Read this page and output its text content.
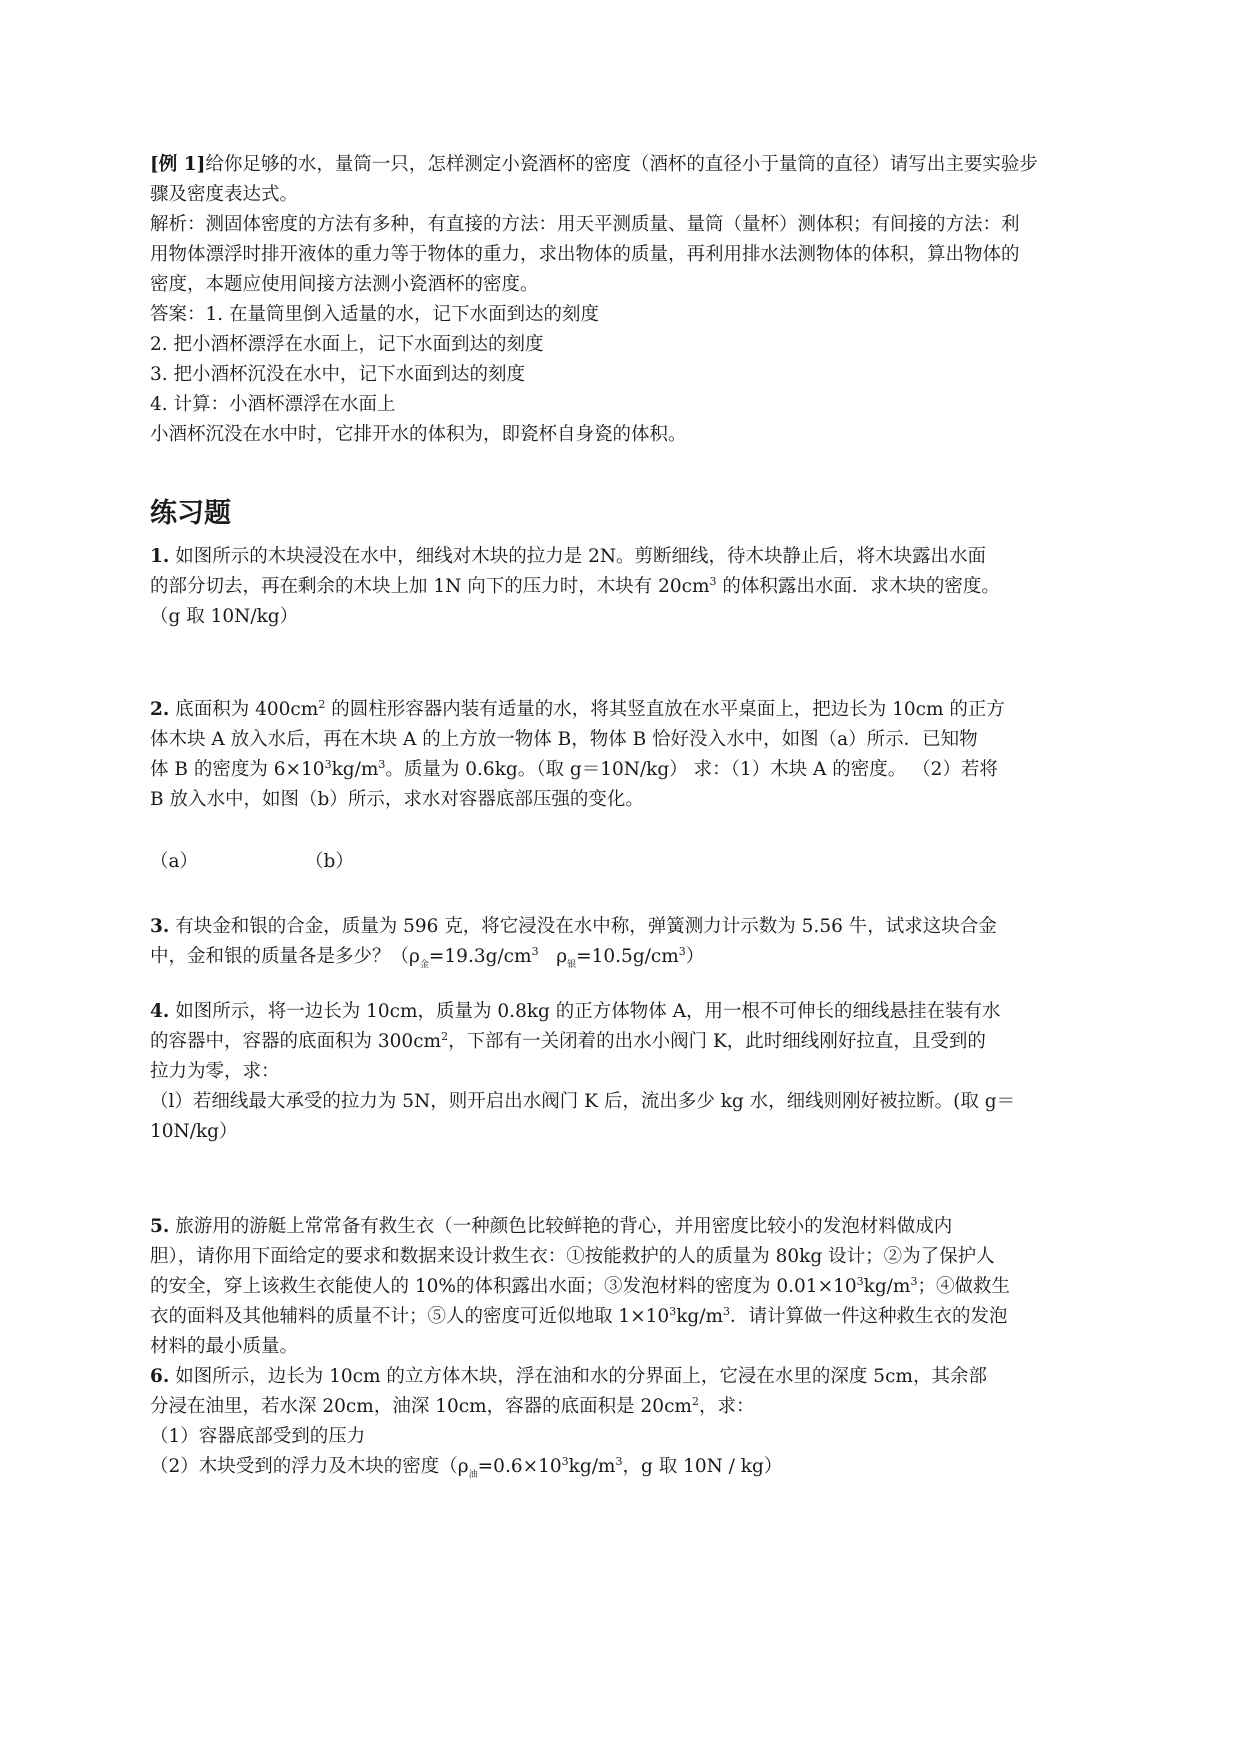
[例 1]给你足够的水，量筒一只，怎样测定小瓷酒杯的密度（酒杯的直径小于量筒的直径）请写出主要实验步
骤及密度表达式。
解析：测固体密度的方法有多种，有直接的方法：用天平测质量、量筒（量杯）测体积；有间接的方法：利
用物体漂浮时排开液体的重力等于物体的重力，求出物体的质量，再利用排水法测物体的体积，算出物体的
密度，本题应使用间接方法测小瓷酒杯的密度。
答案：1. 在量筒里倒入适量的水，记下水面到达的刻度
2. 把小酒杯漂浮在水面上，记下水面到达的刻度
3. 把小酒杯沉没在水中，记下水面到达的刻度
4. 计算：小酒杯漂浮在水面上
小酒杯沉没在水中时，它排开水的体积为，即瓷杯自身瓷的体积。
练习题
1. 如图所示的木块浸没在水中，细线对木块的拉力是 2N。剪断细线，待木块静止后，将木块露出水面
的部分切去，再在剩余的木块上加 1N 向下的压力时，木块有 $20cm^3$ 的体积露出水面．求木块的密度。
（g 取 10N/kg）
2. 底面积为 $400cm^2$ 的圆柱形容器内装有适量的水，将其竖直放在水平桌面上，把边长为 10cm 的正方
体木块 A 放入水后，再在木块 A 的上方放一物体 B，物体 B 恰好没入水中，如图（a）所示．已知物
体 B 的密度为 $6\times 10^3kg/m^3$。质量为 0.6kg。（取 g＝10N/kg） 求：（1）木块 A 的密度。 （2）若将
B 放入水中，如图（b）所示，求水对容器底部压强的变化。
（a）	（b）
3. 有块金和银的合金，质量为 596 克，将它浸没在水中称，弹簧测力计示数为 5.56 牛，试求这块合金
中，金和银的质量各是多少？（$\rho_金=19.3g/cm^3$   $\rho_银=10.5g/cm^3$）
4. 如图所示，将一边长为 10cm，质量为 0.8kg 的正方体物体 A，用一根不可伸长的细线悬挂在装有水
的容器中，容器的底面积为 $300cm^2$，下部有一关闭着的出水小阀门 K，此时细线刚好拉直，且受到的
拉力为零，求：
（l）若细线最大承受的拉力为 5N，则开启出水阀门 K 后，流出多少 kg 水，细线则刚好被拉断。(取 g＝
10N/kg）
5. 旅游用的游艇上常常备有救生衣（一种颜色比较鲜艳的背心，并用密度比较小的发泡材料做成内
胆），请你用下面给定的要求和数据来设计救生衣：①按能救护的人的质量为 80kg 设计；②为了保护人
的安全，穿上该救生衣能使人的 10%的体积露出水面；③发泡材料的密度为 $0.01\times 10^3kg/m^3$；④做救生
衣的面料及其他辅料的质量不计；⑤人的密度可近似地取 $1\times 10^3kg/m^3$．请计算做一件这种救生衣的发泡
材料的最小质量。
6. 如图所示，边长为 10cm 的立方体木块，浮在油和水的分界面上，它浸在水里的深度 5cm，其余部
分浸在油里，若水深 20cm，油深 10cm，容器的底面积是 $20cm^2$，求：
（1）容器底部受到的压力
（2）木块受到的浮力及木块的密度（$\rho_油=0.6\times 10^3kg/m^3$，g 取 10N / kg）
